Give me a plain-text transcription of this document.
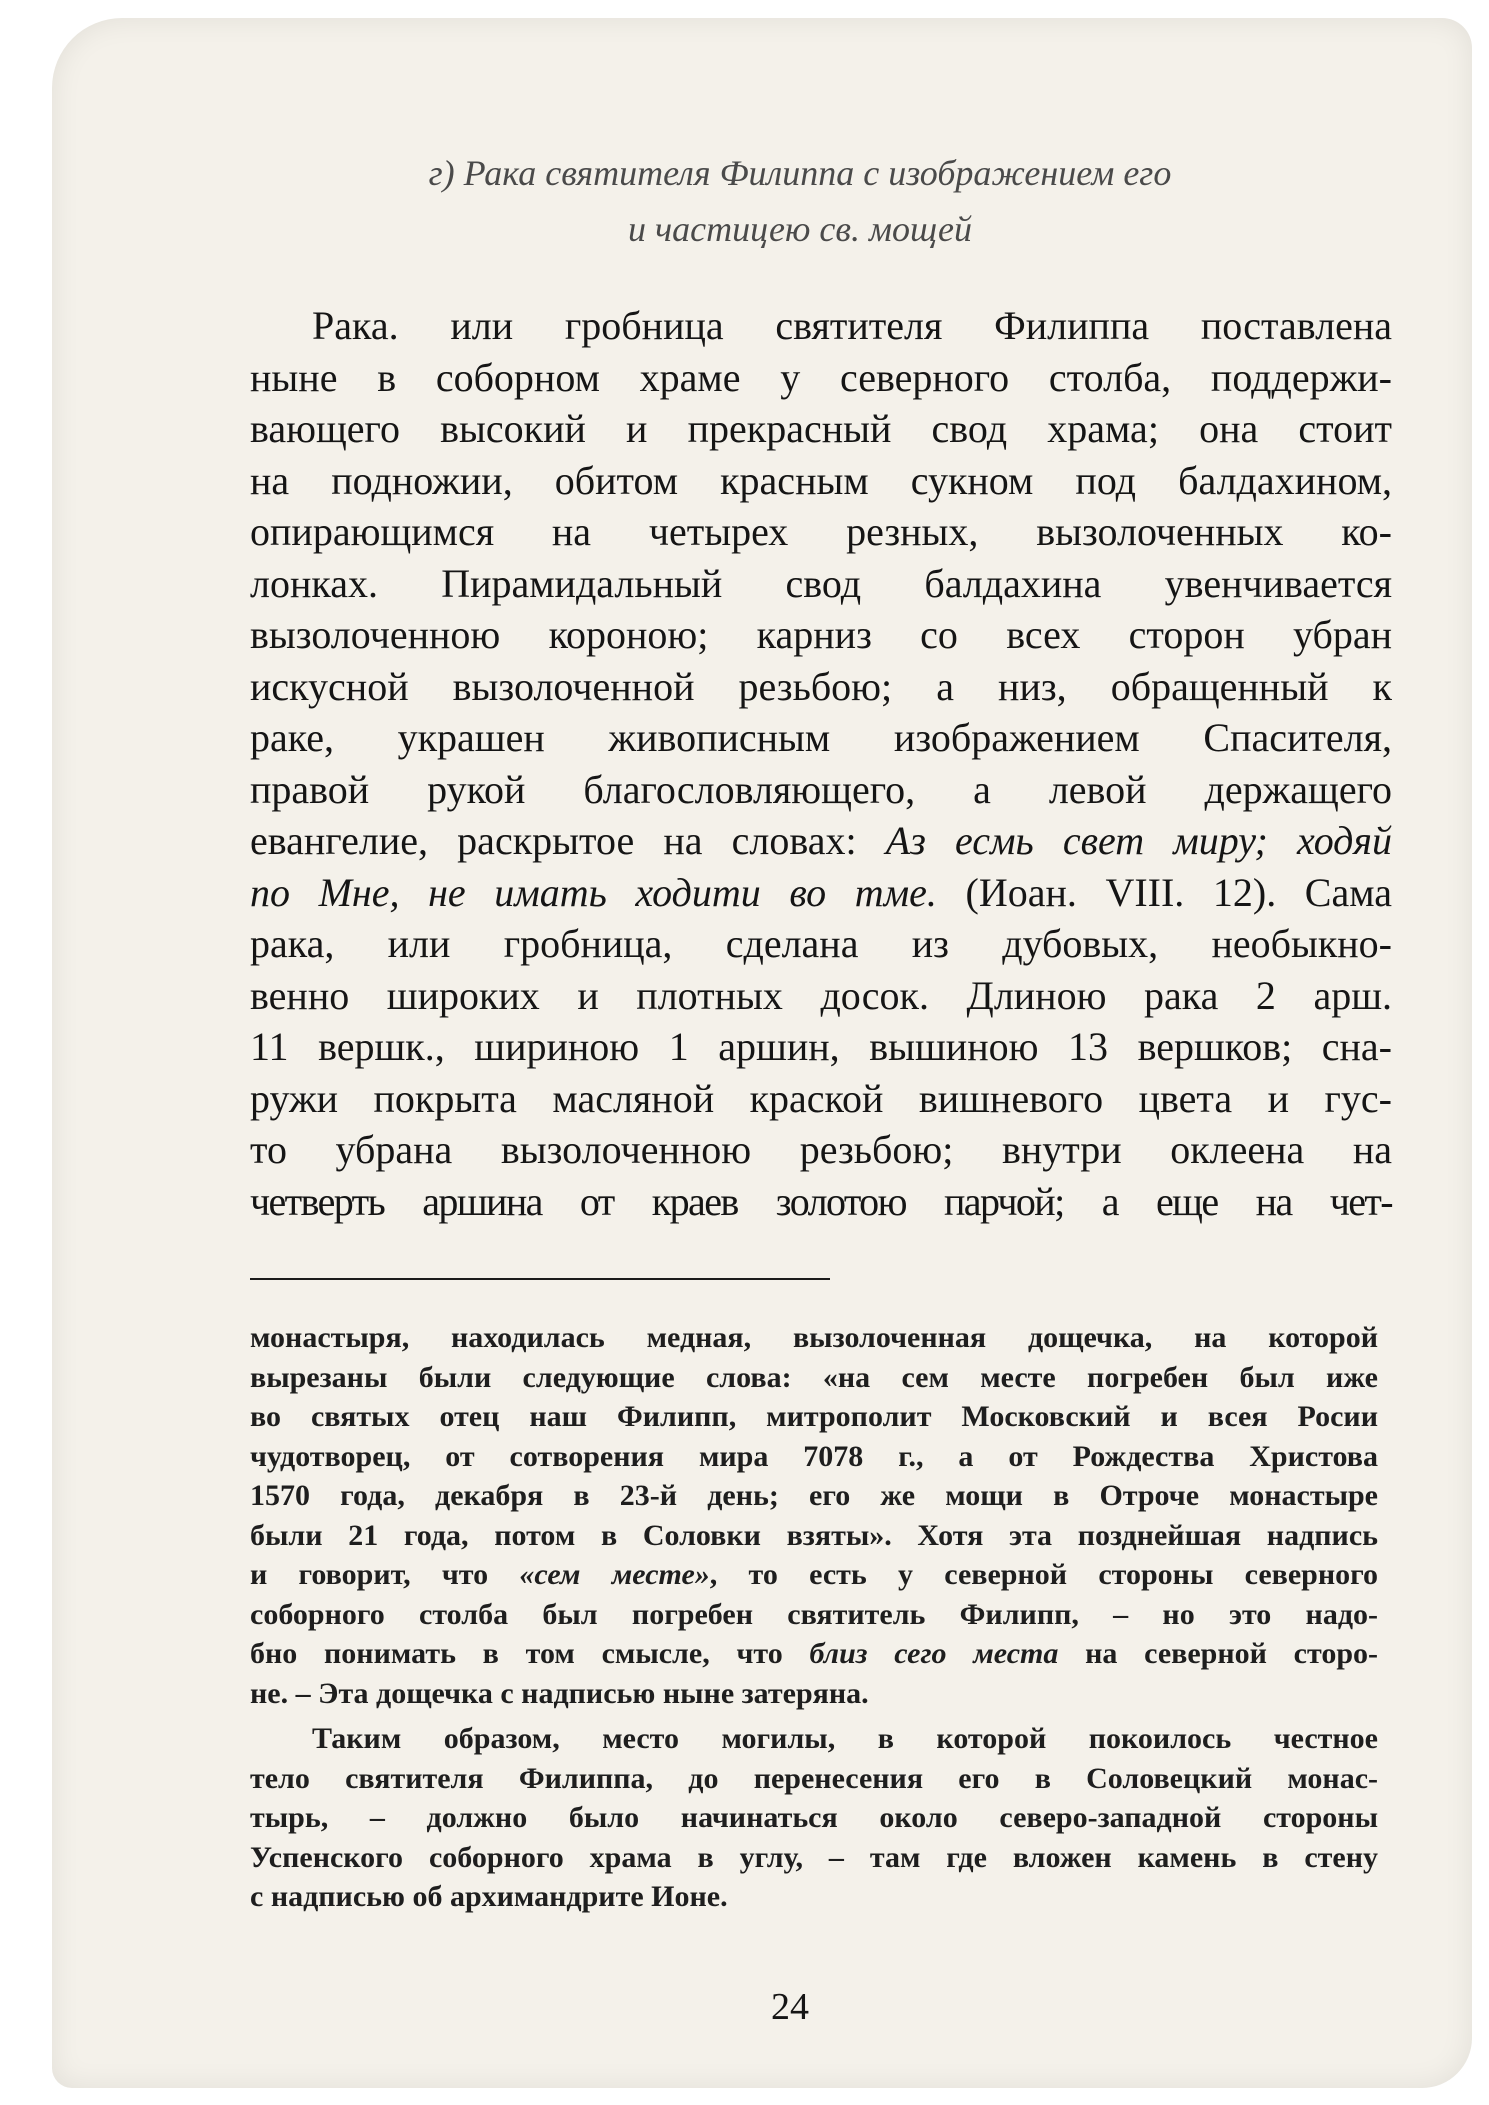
г) Рака святителя Филиппа с изображением его
и частицею св. мощей
Рака. или гробница святителя Филиппа поставлена
ныне в соборном храме у северного столба, поддержи-
вающего высокий и прекрасный свод храма; она стоит
на подножии, обитом красным сукном под балдахином,
опирающимся на четырех резных, вызолоченных ко-
лонках. Пирамидальный свод балдахина увенчивается
вызолоченною короною; карниз со всех сторон убран
искусной вызолоченной резьбою; а низ, обращенный к
раке, украшен живописным изображением Спасителя,
правой рукой благословляющего, а левой держащего
евангелие, раскрытое на словах: Аз есмь свет миру; ходяй
по Мне, не имать ходити во тме. (Иоан. VIII. 12). Сама
рака, или гробница, сделана из дубовых, необыкно-
венно широких и плотных досок. Длиною рака 2 арш.
11 вершк., шириною 1 аршин, вышиною 13 вершков; сна-
ружи покрыта масляной краской вишневого цвета и гус-
то убрана вызолоченною резьбою; внутри оклеена на
четверть аршина от краев золотою парчой; а еще на чет-
монастыря, находилась медная, вызолоченная дощечка, на которой
вырезаны были следующие слова: «на сем месте погребен был иже
во святых отец наш Филипп, митрополит Московский и всея Росии
чудотворец, от сотворения мира 7078 г., а от Рождества Христова
1570 года, декабря в 23-й день; его же мощи в Отроче монастыре
были 21 года, потом в Соловки взяты». Хотя эта позднейшая надпись
и говорит, что «сем месте», то есть у северной стороны северного
соборного столба был погребен святитель Филипп, – но это надо-
бно понимать в том смысле, что близ сего места на северной сторо-
не. – Эта дощечка с надписью ныне затеряна.
Таким образом, место могилы, в которой покоилось честное
тело святителя Филиппа, до перенесения его в Соловецкий монас-
тырь, – должно было начинаться около северо-западной стороны
Успенского соборного храма в углу, – там где вложен камень в стену
с надписью об архимандрите Ионе.
24
